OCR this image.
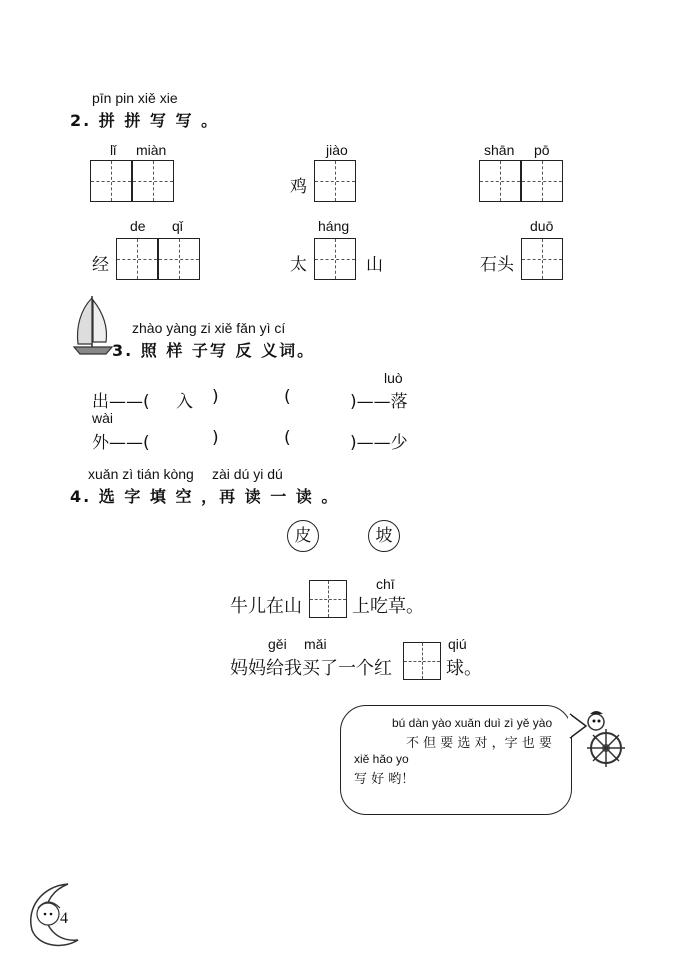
pīn pin xiě xie
2. 拼 拼 写 写 。
lǐ miàn	jiào
鸡
shān pō
de qǐ
经
háng
太	山
duō
石头
zhào yàng zi xiě fǎn yì cí
3. 照 样 子写 反 义词。
luò
出——( 入 )	(	)——落
wài
外——(	)	(	)——少
xuǎn zì tián kòng zài dú yi dú
4. 选 字 填 空 ，再 读 一 读 。
皮	坡
chī
牛儿在山	上吃草。
gěi mǎi	qiú
妈妈给我买了一个红	球。
bú dàn yào xuǎn duì zì yě yào
不 但 要 选 对 ，字 也 要
xiě hǎo yo
写 好 哟！
4
